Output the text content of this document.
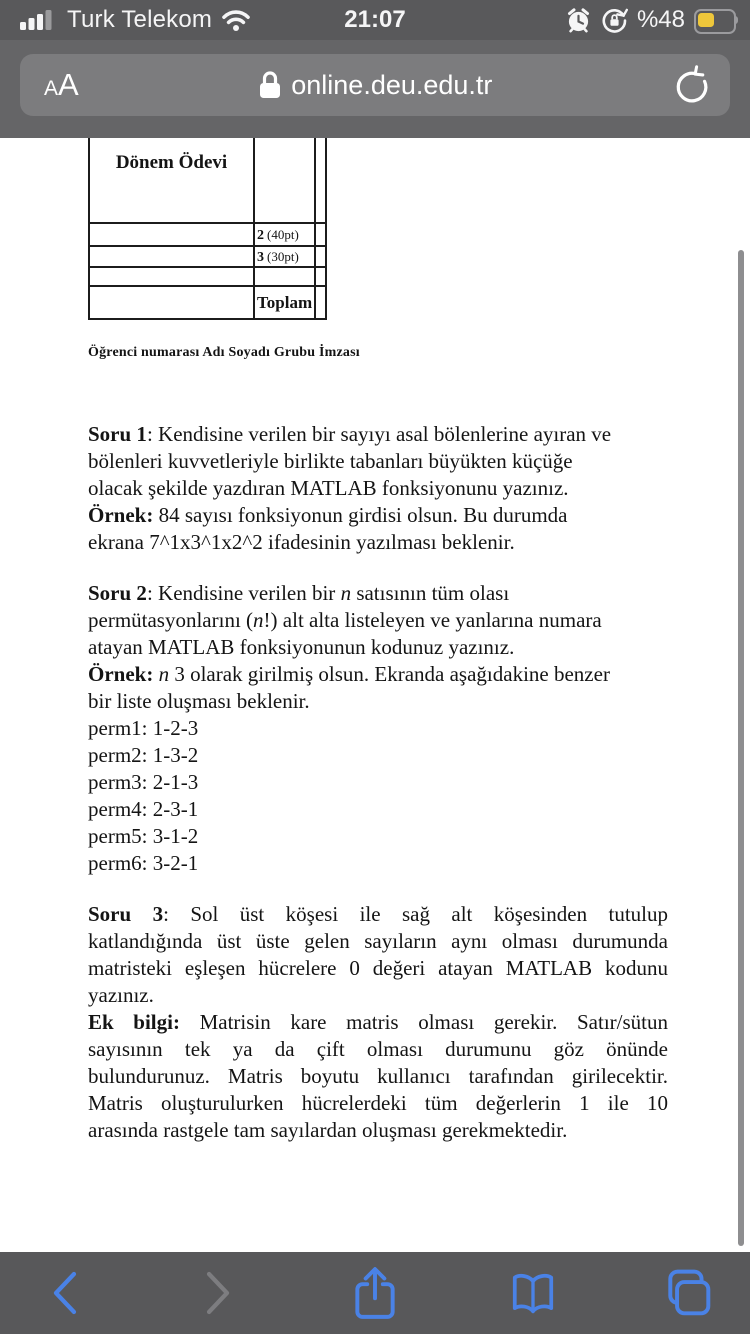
Turk Telekom	21:07	%48
A A	online.deu.edu.tr
Dönem Ödevi		
	2 (40pt)	
	3 (30pt)	

	Toplam	
Öğrenci numarası Adı Soyadı Grubu İmzası
Soru 1: Kendisine verilen bir sayıyı asal bölenlerine ayıran ve
bölenleri kuvvetleriyle birlikte tabanları büyükten küçüğe
olacak şekilde yazdıran MATLAB fonksiyonunu yazınız.
Örnek: 84 sayısı fonksiyonun girdisi olsun. Bu durumda
ekrana 7^1x3^1x2^2 ifadesinin yazılması beklenir.
Soru 2: Kendisine verilen bir n satısının tüm olası
permütasyonlarını (n!) alt alta listeleyen ve yanlarına numara
atayan MATLAB fonksiyonunun kodunuz yazınız.
Örnek: n 3 olarak girilmiş olsun. Ekranda aşağıdakine benzer
bir liste oluşması beklenir.
perm1: 1-2-3
perm2: 1-3-2
perm3: 2-1-3
perm4: 2-3-1
perm5: 3-1-2
perm6: 3-2-1
Soru 3: Sol üst köşesi ile sağ alt köşesinden tutulup
katlandığında üst üste gelen sayıların aynı olması durumunda
matristeki eşleşen hücrelere 0 değeri atayan MATLAB kodunu
yazınız.
Ek bilgi: Matrisin kare matris olması gerekir. Satır/sütun
sayısının tek ya da çift olması durumunu göz önünde
bulundurunuz. Matris boyutu kullanıcı tarafından girilecektir.
Matris oluşturulurken hücrelerdeki tüm değerlerin 1 ile 10
arasında rastgele tam sayılardan oluşması gerekmektedir.
